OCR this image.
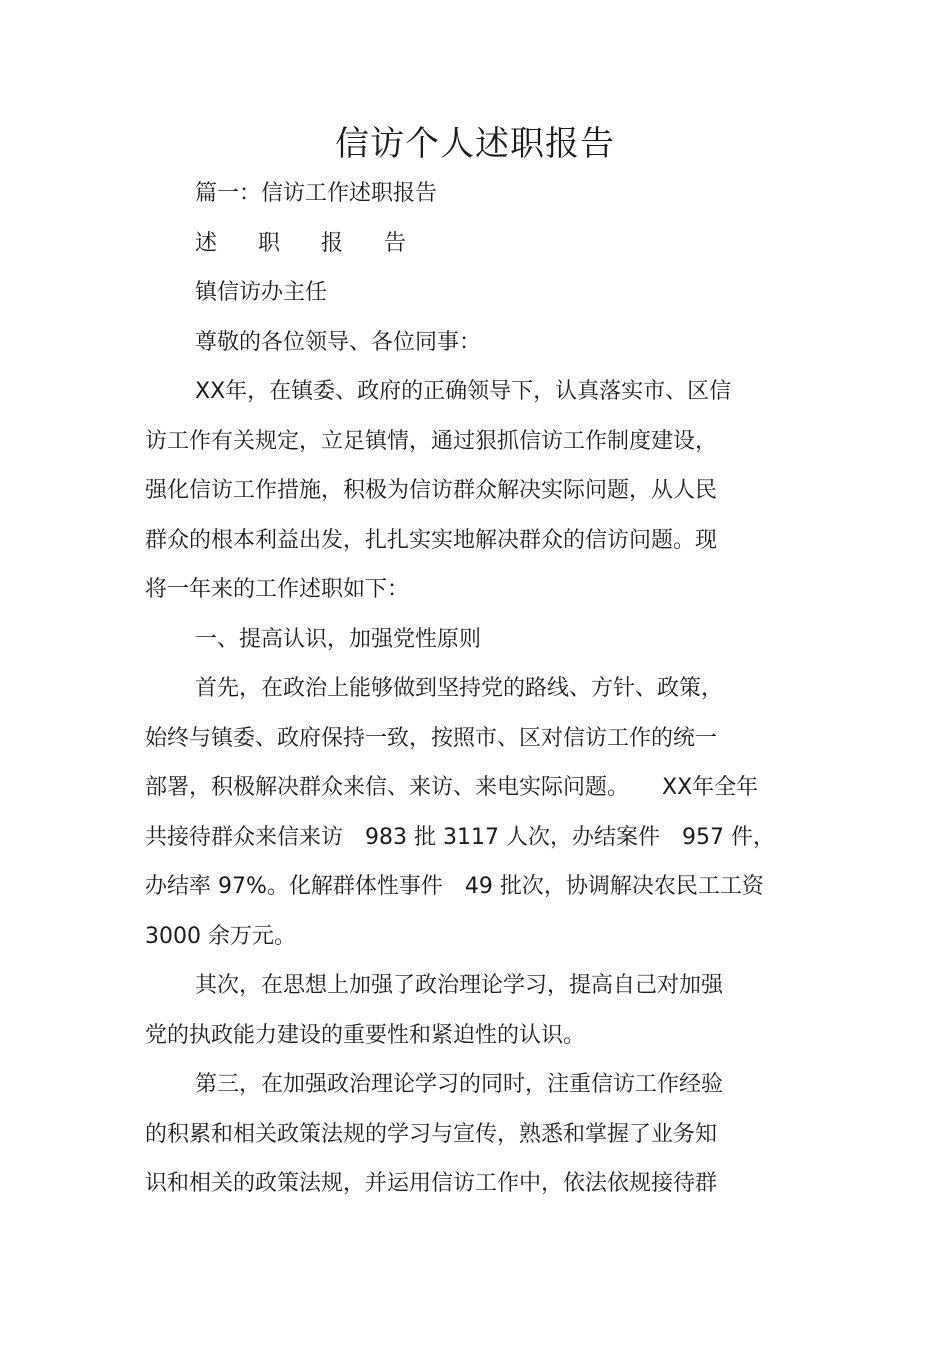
信访个人述职报告
篇一：信访工作述职报告
述 职 报 告
镇信访办主任
尊敬的各位领导、各位同事：
XX年，在镇委、政府的正确领导下，认真落实市、区信
访工作有关规定，立足镇情，通过狠抓信访工作制度建设，
强化信访工作措施，积极为信访群众解决实际问题，从人民
群众的根本利益出发，扎扎实实地解决群众的信访问题。现
将一年来的工作述职如下：
一、提高认识，加强党性原则
首先，在政治上能够做到坚持党的路线、方针、政策，
始终与镇委、政府保持一致，按照市、区对信访工作的统一
部署，积极解决群众来信、来访、来电实际问题。　　XX年全年
共接待群众来信来访　983 批 3117 人次，办结案件　957 件，
办结率 97%。化解群体性事件　49 批次，协调解决农民工工资
3000 余万元。
其次，在思想上加强了政治理论学习，提高自己对加强
党的执政能力建设的重要性和紧迫性的认识。
第三，在加强政治理论学习的同时，注重信访工作经验
的积累和相关政策法规的学习与宣传，熟悉和掌握了业务知
识和相关的政策法规，并运用信访工作中，依法依规接待群
